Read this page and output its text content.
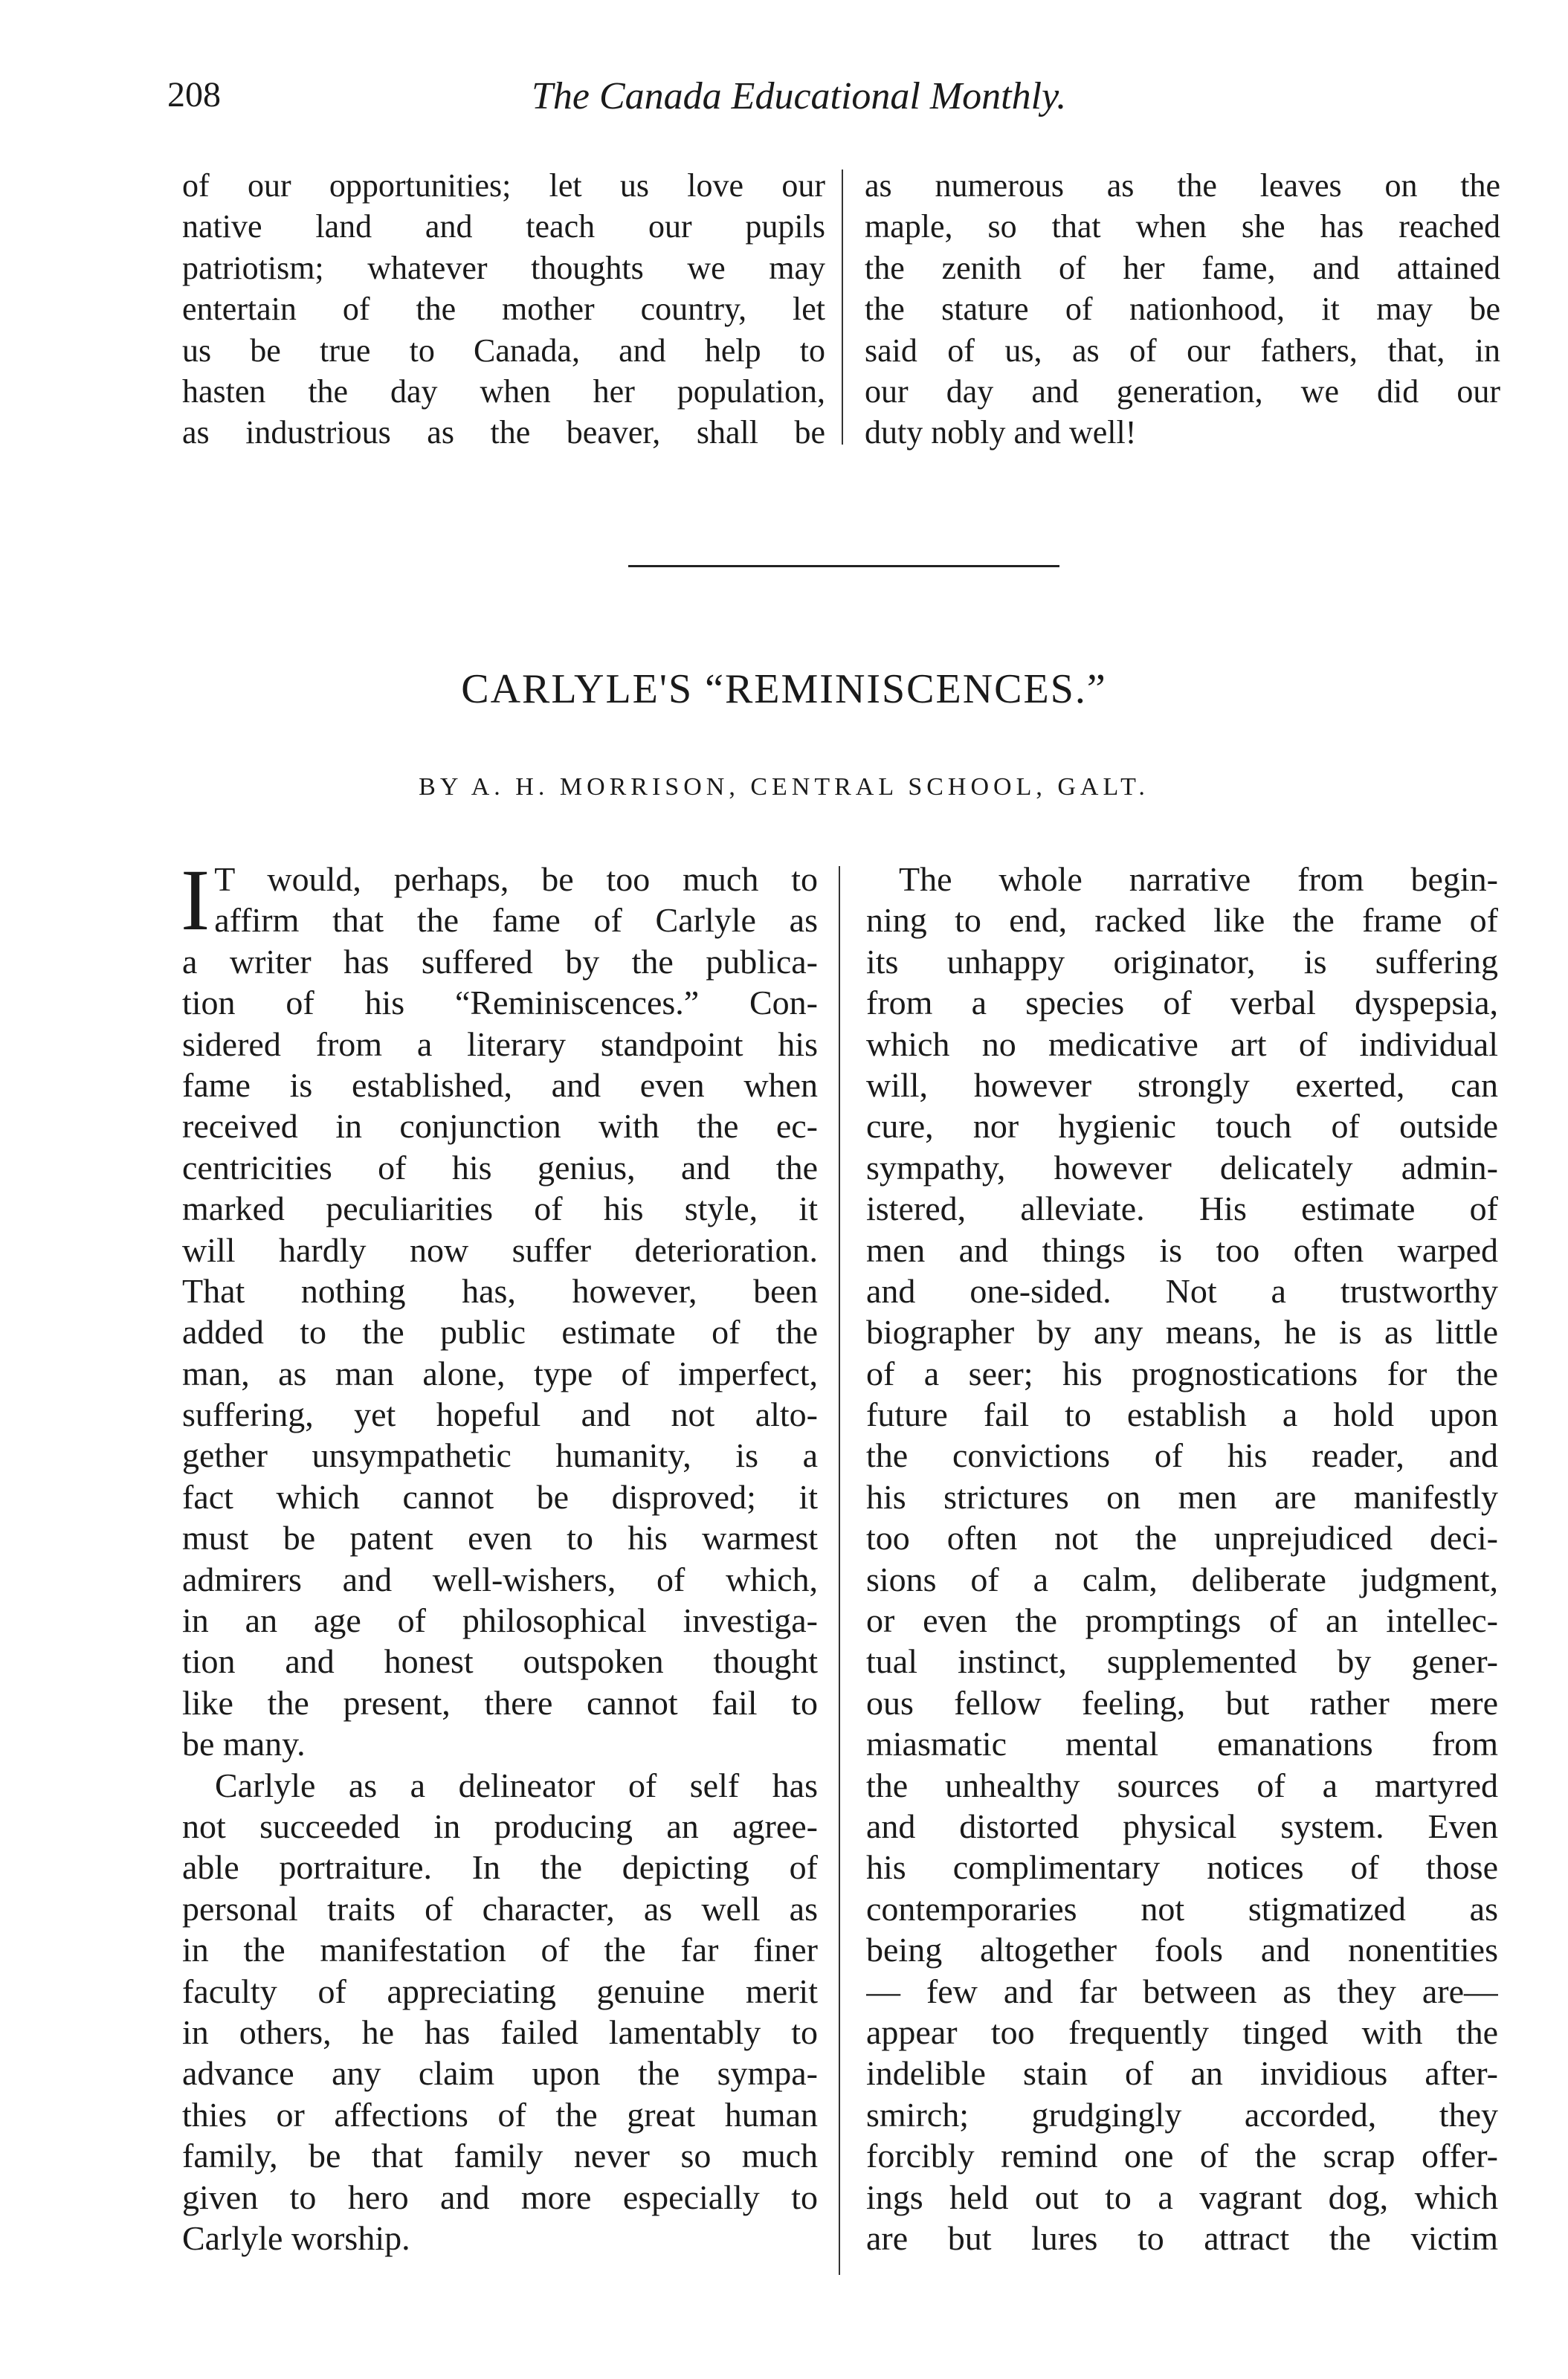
208	The Canada Educational Monthly.
of our opportunities; let us love our
native land and teach our pupils
patriotism; whatever thoughts we may
entertain of the mother country, let
us be true to Canada, and help to
hasten the day when her population,
as industrious as the beaver, shall be
as numerous as the leaves on the
maple, so that when she has reached
the zenith of her fame, and attained
the stature of nationhood, it may be
said of us, as of our fathers, that, in
our day and generation, we did our
duty nobly and well!
CARLYLE'S “REMINISCENCES.”
BY A. H. MORRISON, CENTRAL SCHOOL, GALT.
I T would, perhaps, be too much to
affirm that the fame of Carlyle as
a writer has suffered by the publica-
tion of his “Reminiscences.” Con-
sidered from a literary standpoint his
fame is established, and even when
received in conjunction with the ec-
centricities of his genius, and the
marked peculiarities of his style, it
will hardly now suffer deterioration.
That nothing has, however, been
added to the public estimate of the
man, as man alone, type of imperfect,
suffering, yet hopeful and not alto-
gether unsympathetic humanity, is a
fact which cannot be disproved; it
must be patent even to his warmest
admirers and well-wishers, of which,
in an age of philosophical investiga-
tion and honest outspoken thought
like the present, there cannot fail to
be many.
Carlyle as a delineator of self has
not succeeded in producing an agree-
able portraiture. In the depicting of
personal traits of character, as well as
in the manifestation of the far finer
faculty of appreciating genuine merit
in others, he has failed lamentably to
advance any claim upon the sympa-
thies or affections of the great human
family, be that family never so much
given to hero and more especially to
Carlyle worship.
The whole narrative from begin-
ning to end, racked like the frame of
its unhappy originator, is suffering
from a species of verbal dyspepsia,
which no medicative art of individual
will, however strongly exerted, can
cure, nor hygienic touch of outside
sympathy, however delicately admin-
istered, alleviate. His estimate of
men and things is too often warped
and one-sided. Not a trustworthy
biographer by any means, he is as little
of a seer; his prognostications for the
future fail to establish a hold upon
the convictions of his reader, and
his strictures on men are manifestly
too often not the unprejudiced deci-
sions of a calm, deliberate judgment,
or even the promptings of an intellec-
tual instinct, supplemented by gener-
ous fellow feeling, but rather mere
miasmatic mental emanations from
the unhealthy sources of a martyred
and distorted physical system. Even
his complimentary notices of those
contemporaries not stigmatized as
being altogether fools and nonentities
— few and far between as they are—
appear too frequently tinged with the
indelible stain of an invidious after-
smirch; grudgingly accorded, they
forcibly remind one of the scrap offer-
ings held out to a vagrant dog, which
are but lures to attract the victim
